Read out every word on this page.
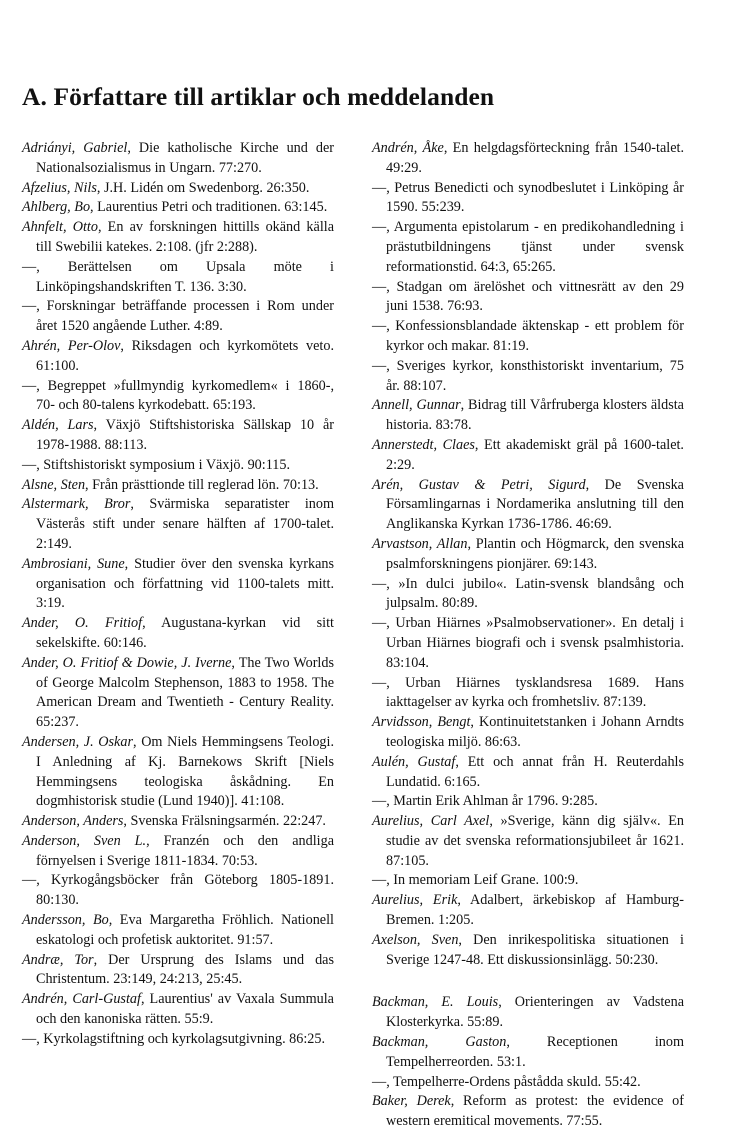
A. Författare till artiklar och meddelanden

Adriányi, Gabriel, Die katholische Kirche und der Nationalsozialismus in Ungarn. 77:270.

Afzelius, Nils, J.H. Lidén om Swedenborg. 26:350.

Ahlberg, Bo, Laurentius Petri och traditionen. 63:145.

Ahnfelt, Otto, En av forskningen hittills okänd källa till Swebilii katekes. 2:108. (jfr 2:288).

—, Berättelsen om Upsala möte i Linköpingshandskriften T. 136. 3:30.

—, Forskningar beträffande processen i Rom under året 1520 angående Luther. 4:89.

Ahrén, Per-Olov, Riksdagen och kyrkomötets veto. 61:100.

—, Begreppet »fullmyndig kyrkomedlem« i 1860-, 70- och 80-talens kyrkodebatt. 65:193.

Aldén, Lars, Växjö Stiftshistoriska Sällskap 10 år 1978-1988. 88:113.

—, Stiftshistoriskt symposium i Växjö. 90:115.

Alsne, Sten, Från prästtionde till reglerad lön. 70:13.

Alstermark, Bror, Svärmiska separatister inom Västerås stift under senare hälften af 1700-talet. 2:149.

Ambrosiani, Sune, Studier över den svenska kyrkans organisation och författning vid 1100-talets mitt. 3:19.

Ander, O. Fritiof, Augustana-kyrkan vid sitt sekelskifte. 60:146.

Ander, O. Fritiof & Dowie, J. Iverne, The Two Worlds of George Malcolm Stephenson, 1883 to 1958. The American Dream and Twentieth - Century Reality. 65:237.

Andersen, J. Oskar, Om Niels Hemmingsens Teologi. I Anledning af Kj. Barnekows Skrift [Niels Hemmingsens teologiska åskådning. En dogmhistorisk studie (Lund 1940)]. 41:108.

Anderson, Anders, Svenska Frälsningsarmén. 22:247.

Anderson, Sven L., Franzén och den andliga förnyelsen i Sverige 1811-1834. 70:53.

—, Kyrkogångsböcker från Göteborg 1805-1891. 80:130.

Andersson, Bo, Eva Margaretha Fröhlich. Nationell eskatologi och profetisk auktoritet. 91:57.

Andræ, Tor, Der Ursprung des Islams und das Christentum. 23:149, 24:213, 25:45.

Andrén, Carl-Gustaf, Laurentius' av Vaxala Summula och den kanoniska rätten. 55:9.

—, Kyrkolagstiftning och kyrkolagsutgivning. 86:25.

Andrén, Åke, En helgdagsförteckning från 1540-talet. 49:29.

—, Petrus Benedicti och synodbeslutet i Linköping år 1590. 55:239.

—, Argumenta epistolarum - en predikohandledning i prästutbildningens tjänst under svensk reformationstid. 64:3, 65:265.

—, Stadgan om ärelöshet och vittnesrätt av den 29 juni 1538. 76:93.

—, Konfessionsblandade äktenskap - ett problem för kyrkor och makar. 81:19.

—, Sveriges kyrkor, konsthistoriskt inventarium, 75 år. 88:107.

Annell, Gunnar, Bidrag till Vårfruberga klosters äldsta historia. 83:78.

Annerstedt, Claes, Ett akademiskt gräl på 1600-talet. 2:29.

Arén, Gustav & Petri, Sigurd, De Svenska Församlingarnas i Nordamerika anslutning till den Anglikanska Kyrkan 1736-1786. 46:69.

Arvastson, Allan, Plantin och Högmarck, den svenska psalmforskningens pionjärer. 69:143.

—, »In dulci jubilo«. Latin-svensk blandsång och julpsalm. 80:89.

—, Urban Hiärnes »Psalmobservationer». En detalj i Urban Hiärnes biografi och i svensk psalmhistoria. 83:104.

—, Urban Hiärnes tysklandsresa 1689. Hans iakttagelser av kyrka och fromhetsliv. 87:139.

Arvidsson, Bengt, Kontinuitetstanken i Johann Arndts teologiska miljö. 86:63.

Aulén, Gustaf, Ett och annat från H. Reuterdahls Lundatid. 6:165.

—, Martin Erik Ahlman år 1796. 9:285.

Aurelius, Carl Axel, »Sverige, känn dig själv«. En studie av det svenska reformationsjubileet år 1621. 87:105.

—, In memoriam Leif Grane. 100:9.

Aurelius, Erik, Adalbert, ärkebiskop af Hamburg-Bremen. 1:205.

Axelson, Sven, Den inrikespolitiska situationen i Sverige 1247-48. Ett diskussionsinlägg. 50:230.

Backman, E. Louis, Orienteringen av Vadstena Klosterkyrka. 55:89.

Backman, Gaston, Receptionen inom Tempelherreorden. 53:1.

—, Tempelherre-Ordens påstådda skuld. 55:42.

Baker, Derek, Reform as protest: the evidence of western eremitical movements. 77:55.
